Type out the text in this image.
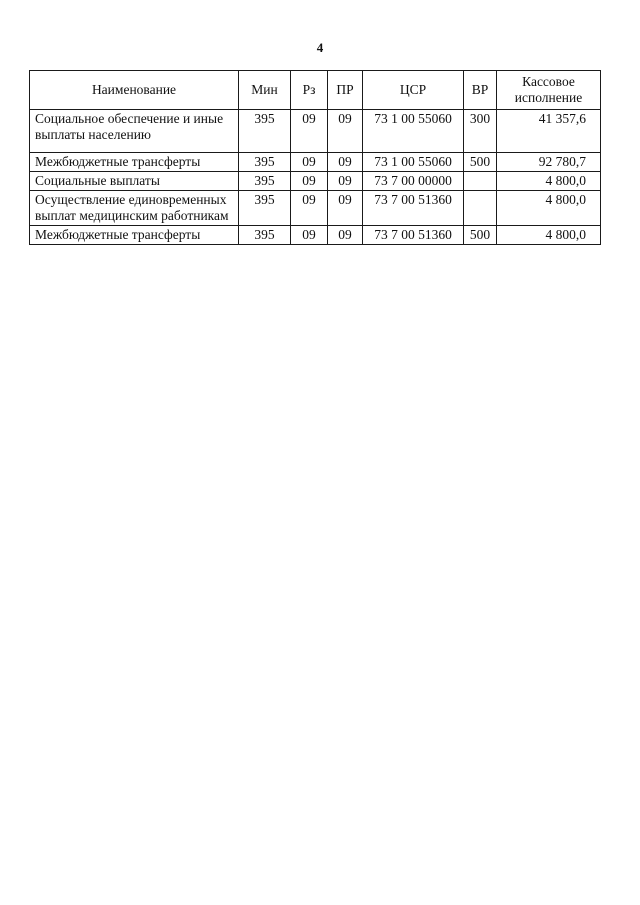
4
Наименование	Мин	Рз	ПР	ЦСР	ВР	Кассовое исполнение
Социальное обеспечение и иные выплаты населению	395	09	09	73 1 00 55060	300	41 357,6
Межбюджетные трансферты	395	09	09	73 1 00 55060	500	92 780,7
Социальные выплаты	395	09	09	73 7 00 00000		4 800,0
Осуществление единовременных выплат медицинским работникам	395	09	09	73 7 00 51360		4 800,0
Межбюджетные трансферты	395	09	09	73 7 00 51360	500	4 800,0
